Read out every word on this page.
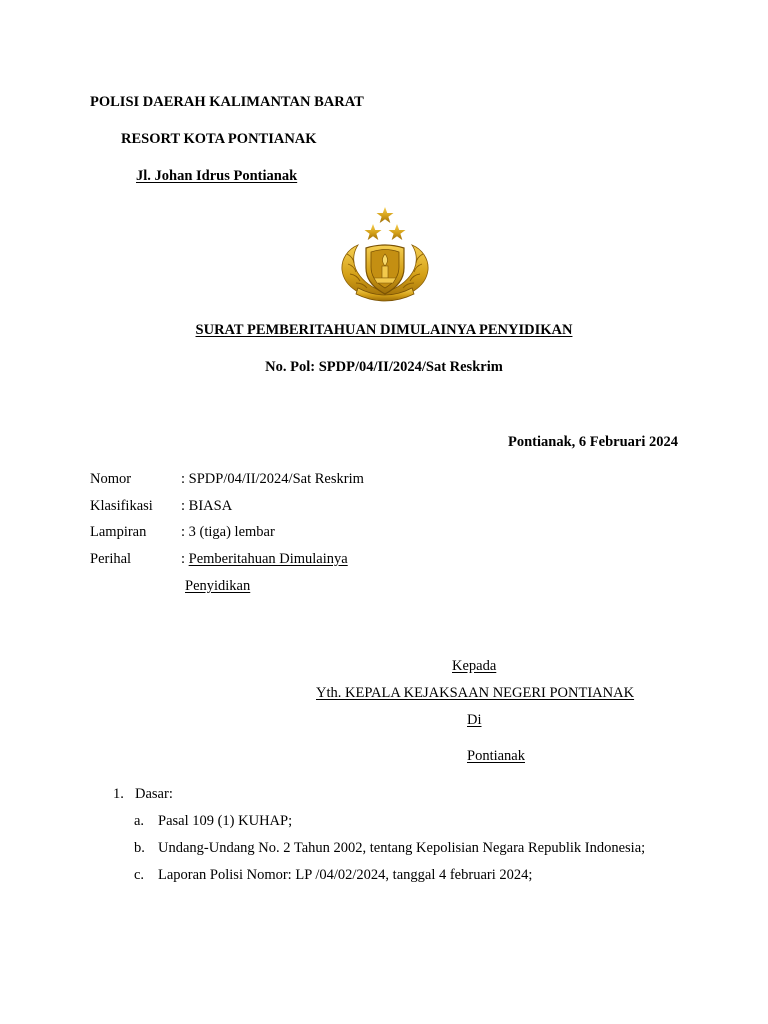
POLISI DAERAH KALIMANTAN BARAT
RESORT KOTA PONTIANAK
Jl. Johan Idrus Pontianak
SURAT PEMBERITAHUAN DIMULAINYA PENYIDIKAN
No. Pol: SPDP/04/II/2024/Sat Reskrim
Pontianak, 6 Februari 2024
Nomor	: SPDP/04/II/2024/Sat Reskrim
Klasifikasi : BIASA
Lampiran : 3 (tiga) lembar
Perihal	: Pemberitahuan Dimulainya
Penyidikan
Kepada
Yth. KEPALA KEJAKSAAN NEGERI PONTIANAK
Di
Pontianak
1. Dasar:
a. Pasal 109 (1) KUHAP;
b. Undang-Undang No. 2 Tahun 2002, tentang Kepolisian Negara Republik Indonesia;
c. Laporan Polisi Nomor: LP /04/02/2024, tanggal 4 februari 2024;
